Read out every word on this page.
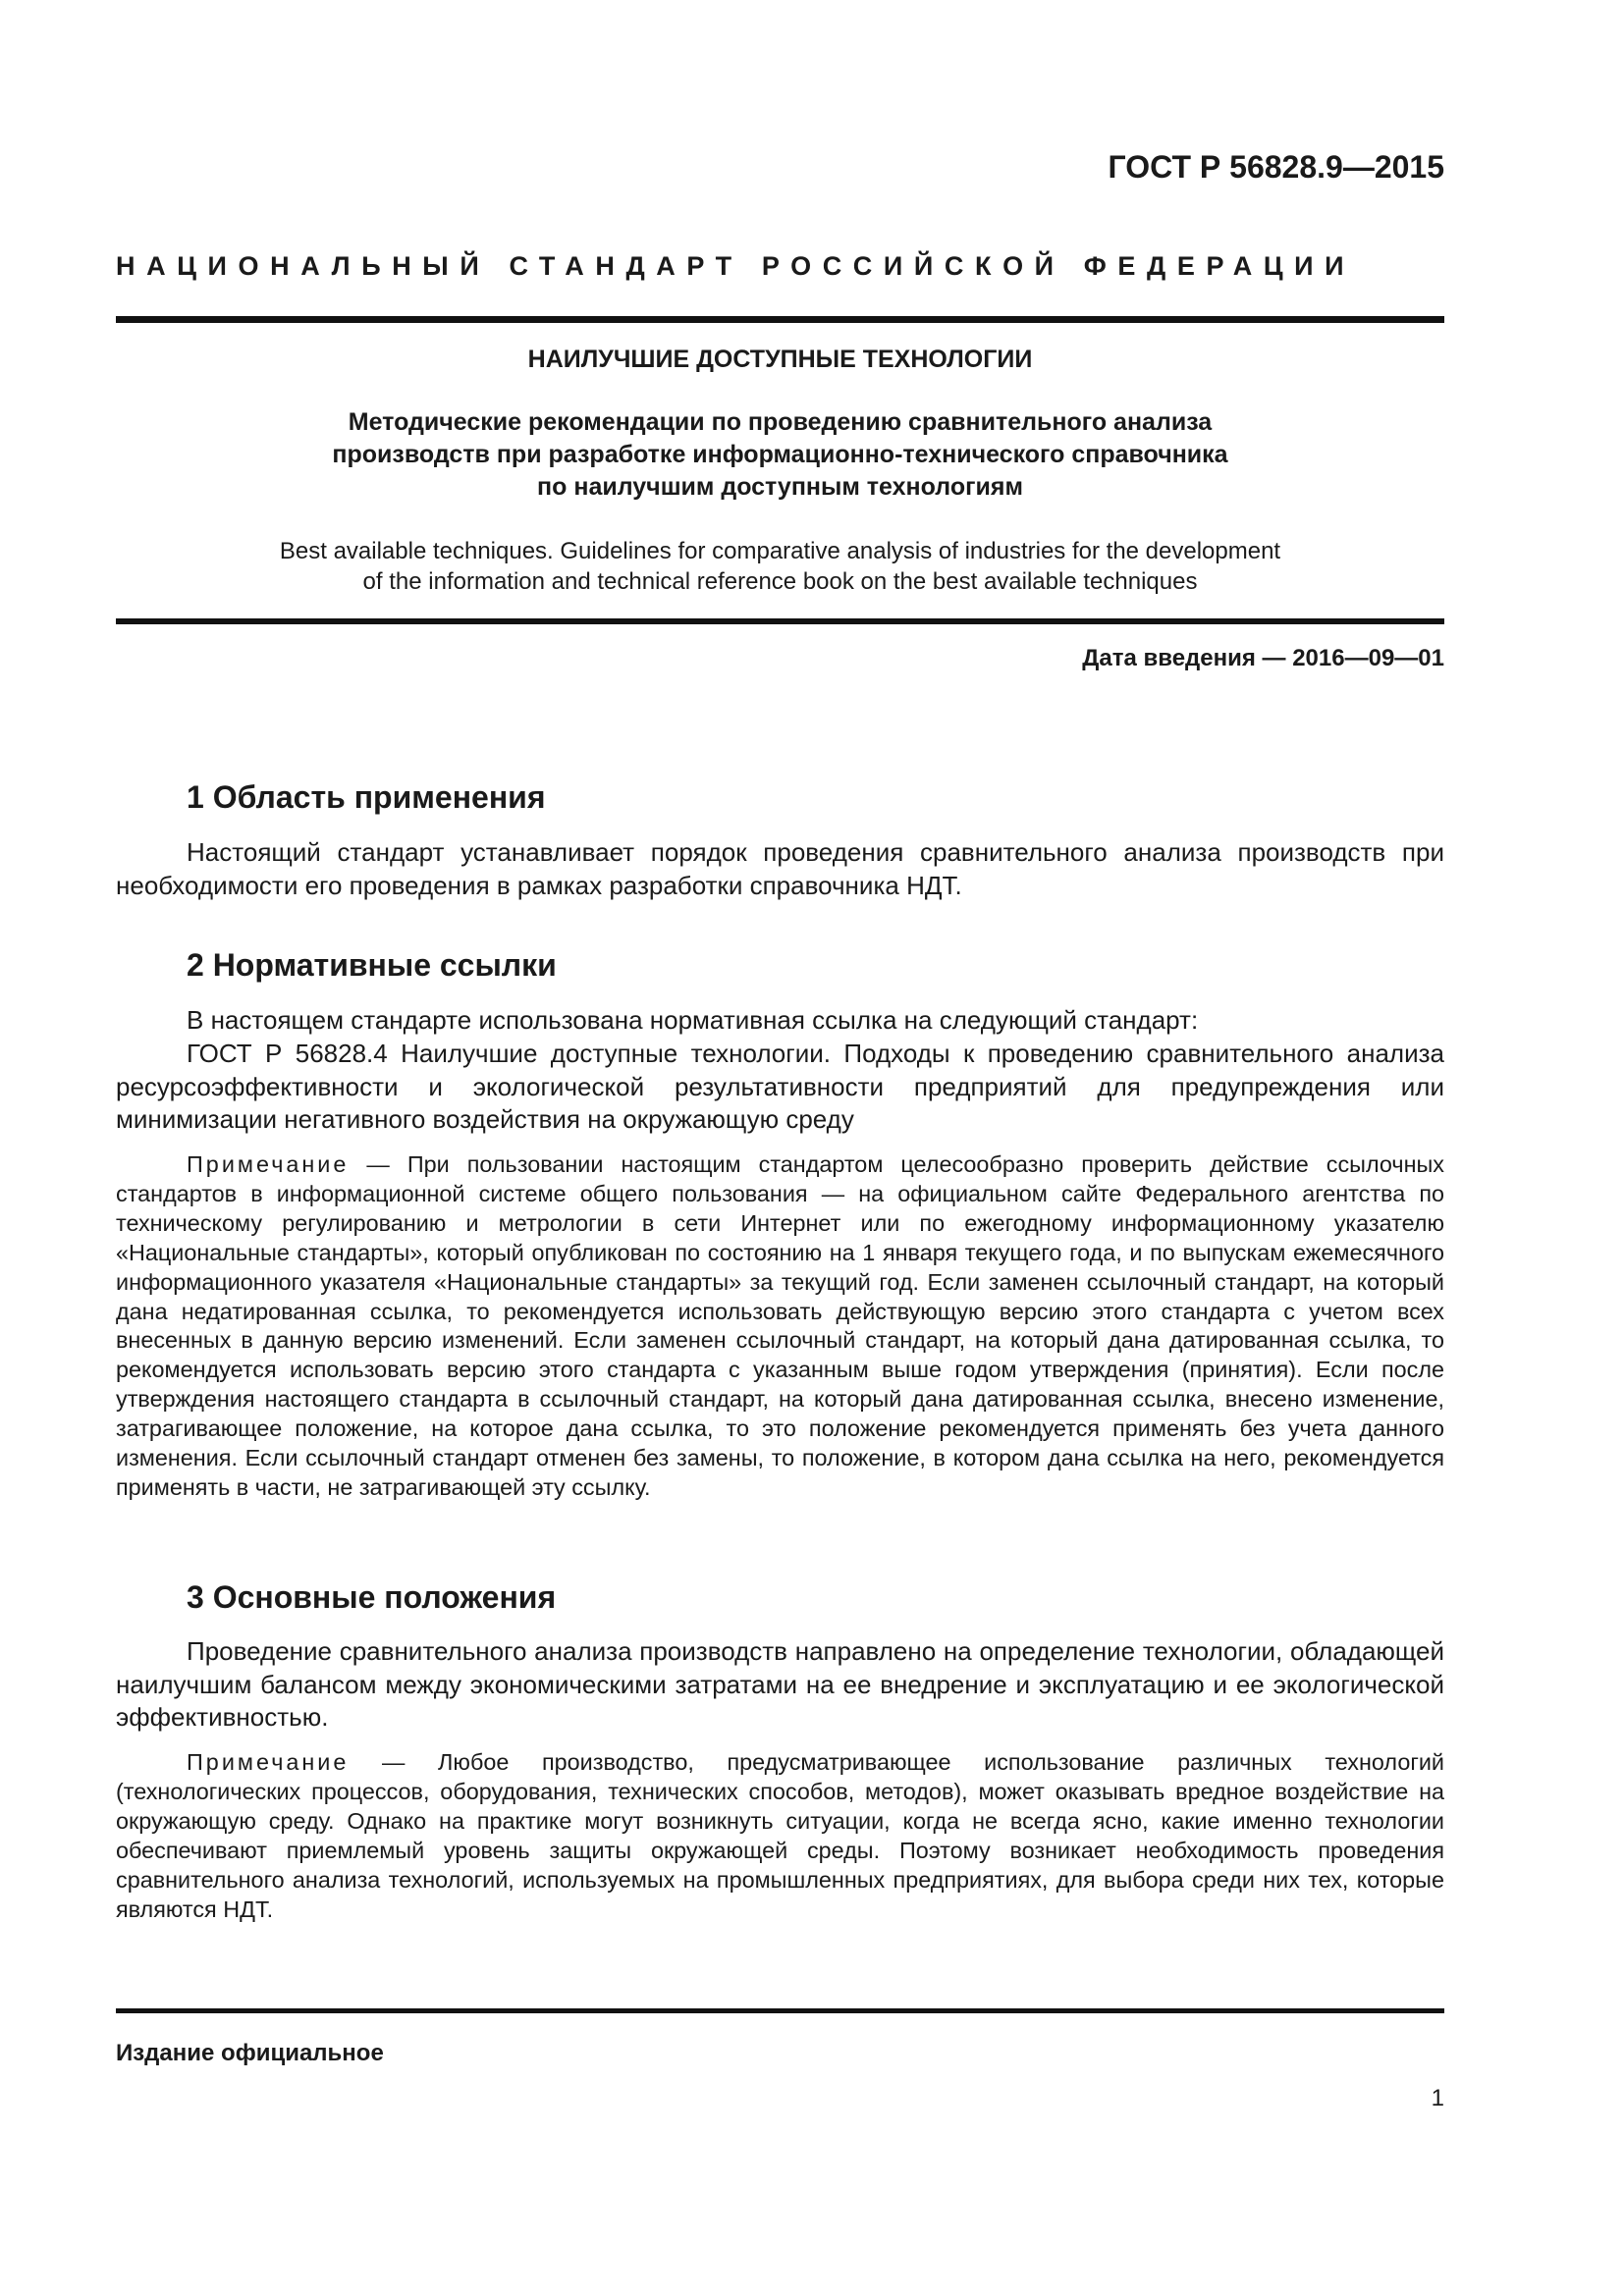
ГОСТ Р 56828.9—2015
НАЦИОНАЛЬНЫЙ СТАНДАРТ РОССИЙСКОЙ ФЕДЕРАЦИИ
НАИЛУЧШИЕ ДОСТУПНЫЕ ТЕХНОЛОГИИ
Методические рекомендации по проведению сравнительного анализа
производств при разработке информационно-технического справочника
по наилучшим доступным технологиям
Best available techniques. Guidelines for comparative analysis of industries for the development
of the information and technical reference book on the best available techniques
Дата введения — 2016—09—01
1 Область применения

Настоящий стандарт устанавливает порядок проведения сравнительного анализа производств при необходимости его проведения в рамках разработки справочника НДТ.

2 Нормативные ссылки

В настоящем стандарте использована нормативная ссылка на следующий стандарт:

ГОСТ Р 56828.4 Наилучшие доступные технологии. Подходы к проведению сравнительного анализа ресурсоэффективности и экологической результативности предприятий для предупреждения или минимизации негативного воздействия на окружающую среду

Примечание — При пользовании настоящим стандартом целесообразно проверить действие ссылочных стандартов в информационной системе общего пользования — на официальном сайте Федерального агентства по техническому регулированию и метрологии в сети Интернет или по ежегодному информационному указателю «Национальные стандарты», который опубликован по состоянию на 1 января текущего года, и по выпускам ежемесячного информационного указателя «Национальные стандарты» за текущий год. Если заменен ссылочный стандарт, на который дана недатированная ссылка, то рекомендуется использовать действующую версию этого стандарта с учетом всех внесенных в данную версию изменений. Если заменен ссылочный стандарт, на который дана датированная ссылка, то рекомендуется использовать версию этого стандарта с указанным выше годом утверждения (принятия). Если после утверждения настоящего стандарта в ссылочный стандарт, на который дана датированная ссылка, внесено изменение, затрагивающее положение, на которое дана ссылка, то это положение рекомендуется применять без учета данного изменения. Если ссылочный стандарт отменен без замены, то положение, в котором дана ссылка на него, рекомендуется применять в части, не затрагивающей эту ссылку.

3 Основные положения

Проведение сравнительного анализа производств направлено на определение технологии, обладающей наилучшим балансом между экономическими затратами на ее внедрение и эксплуатацию и ее экологической эффективностью.

Примечание — Любое производство, предусматривающее использование различных технологий (технологических процессов, оборудования, технических способов, методов), может оказывать вредное воздействие на окружающую среду. Однако на практике могут возникнуть ситуации, когда не всегда ясно, какие именно технологии обеспечивают приемлемый уровень защиты окружающей среды. Поэтому возникает необходимость проведения сравнительного анализа технологий, используемых на промышленных предприятиях, для выбора среди них тех, которые являются НДТ.

Издание официальное
1
